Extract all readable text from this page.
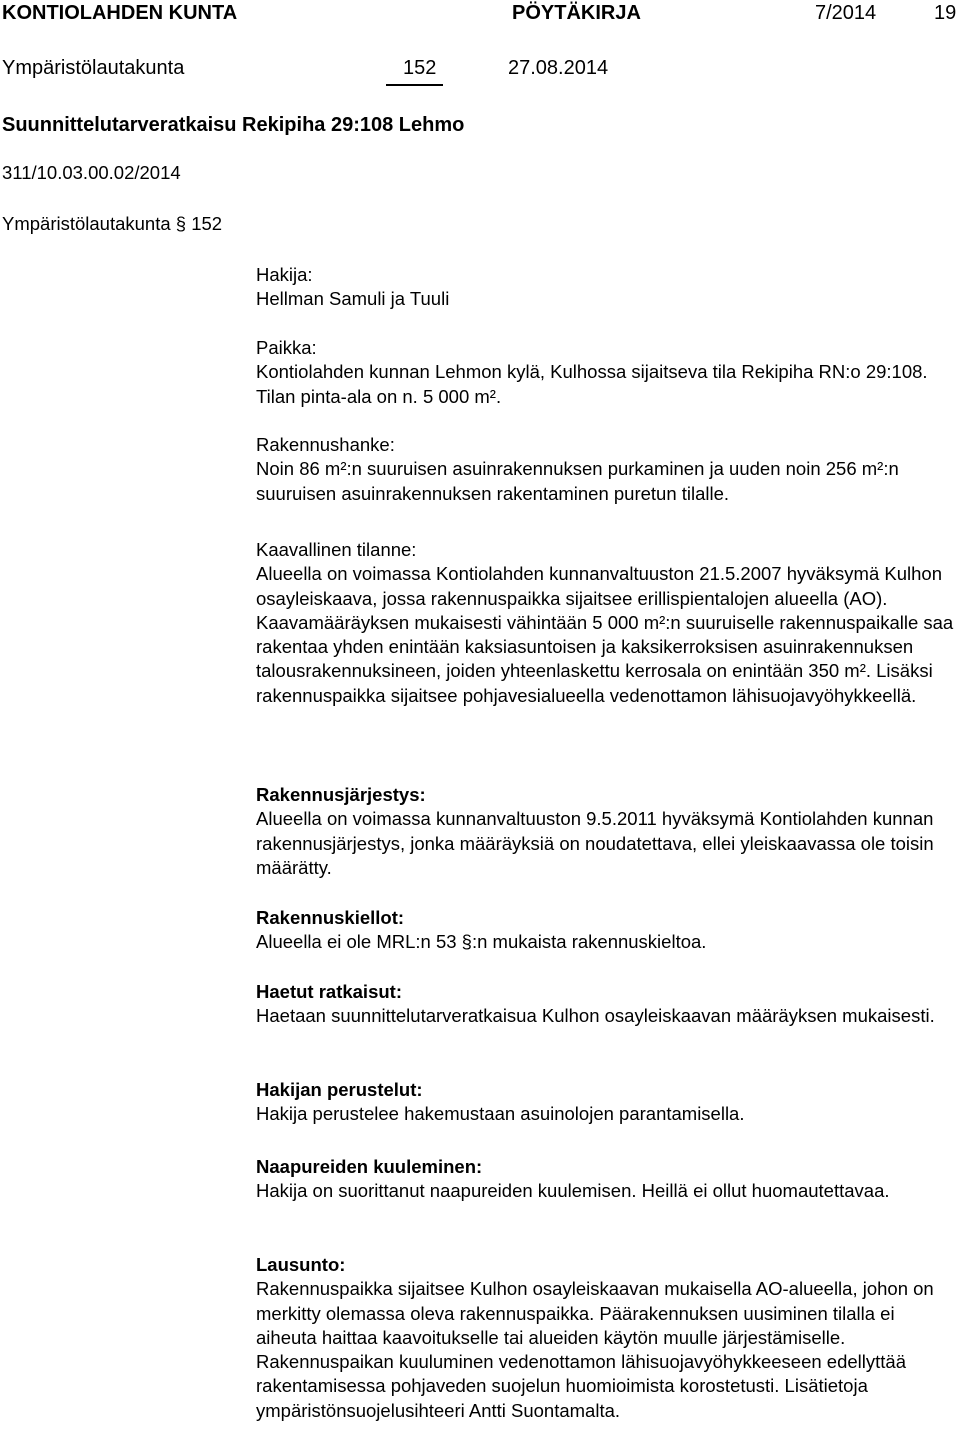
KONTIOLAHDEN KUNTA	PÖYTÄKIRJA	7/2014	19
Ympäristölautakunta	152	27.08.2014
Suunnittelutarveratkaisu Rekipiha 29:108 Lehmo
311/10.03.00.02/2014
Ympäristölautakunta § 152
Hakija:
Hellman Samuli ja Tuuli
Paikka:
Kontiolahden kunnan Lehmon kylä, Kulhossa sijaitseva tila Rekipiha RN:o 29:108. Tilan pinta-ala on n. 5 000 m².
Rakennushanke:
Noin 86 m²:n suuruisen asuinrakennuksen purkaminen ja uuden noin 256 m²:n suuruisen asuinrakennuksen rakentaminen puretun tilalle.
Kaavallinen tilanne:
Alueella on voimassa Kontiolahden kunnanvaltuuston 21.5.2007 hyväksymä Kulhon osayleiskaava, jossa rakennuspaikka sijaitsee erillispientalojen alueella (AO). Kaavamääräyksen mukaisesti vähintään 5 000 m²:n suuruiselle rakennuspaikalle saa rakentaa yhden enintään kaksiasuntoisen ja kaksikerroksisen asuinrakennuksen talousrakennuksineen, joiden yhteenlaskettu kerrosala on enintään 350 m². Lisäksi rakennuspaikka sijaitsee pohjavesialueella vedenottamon lähisuojavyöhykkeellä.
Rakennusjärjestys:
Alueella on voimassa kunnanvaltuuston 9.5.2011 hyväksymä Kontiolahden kunnan rakennusjärjestys, jonka määräyksiä on noudatettava, ellei yleiskaavassa ole toisin määrätty.
Rakennuskiellot:
Alueella ei ole MRL:n 53 §:n mukaista rakennuskieltoa.
Haetut ratkaisut:
Haetaan suunnittelutarveratkaisua Kulhon osayleiskaavan määräyksen mukaisesti.
Hakijan perustelut:
Hakija perustelee hakemustaan asuinolojen parantamisella.
Naapureiden kuuleminen:
Hakija on suorittanut naapureiden kuulemisen. Heillä ei ollut huomautettavaa.
Lausunto:
Rakennuspaikka sijaitsee Kulhon osayleiskaavan mukaisella AO-alueella, johon on merkitty olemassa oleva rakennuspaikka. Päärakennuksen uusiminen tilalla ei aiheuta haittaa kaavoitukselle tai alueiden käytön muulle järjestämiselle. Rakennuspaikan kuuluminen vedenottamon lähisuojavyöhykkeeseen edellyttää rakentamisessa pohjaveden suojelun huomioimista korostetusti. Lisätietoja ympäristönsuojelusihteeri Antti Suontamalta.
